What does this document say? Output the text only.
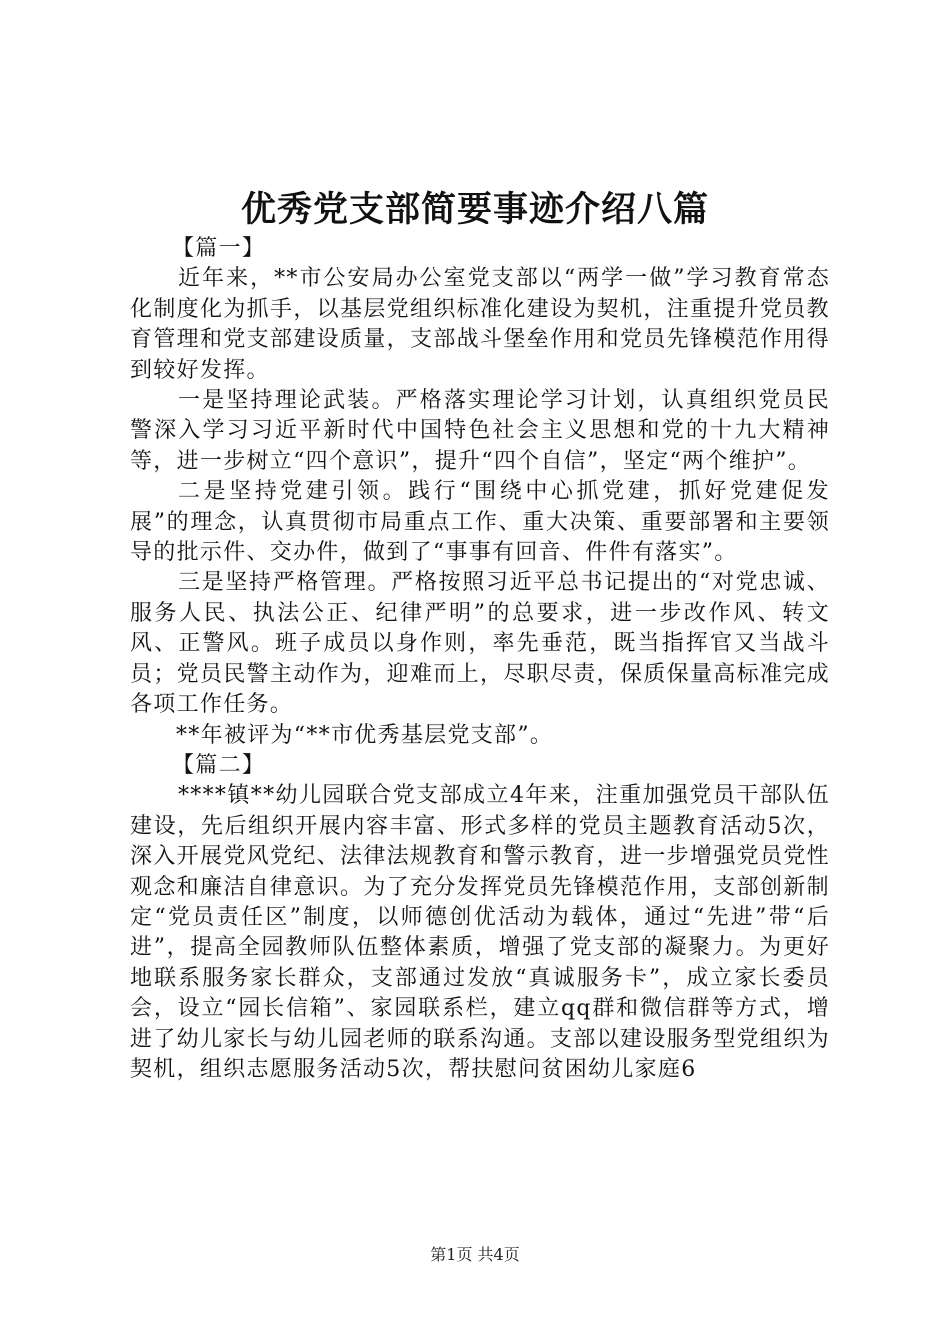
优秀党支部简要事迹介绍八篇

【篇一】

近年来，**市公安局办公室党支部以“两学一做”学习教育常态化制度化为抓手，以基层党组织标准化建设为契机，注重提升党员教育管理和党支部建设质量，支部战斗堡垒作用和党员先锋模范作用得到较好发挥。

一是坚持理论武装。严格落实理论学习计划，认真组织党员民警深入学习习近平新时代中国特色社会主义思想和党的十九大精神等，进一步树立“四个意识”，提升“四个自信”，坚定“两个维护”。

二是坚持党建引领。践行“围绕中心抓党建，抓好党建促发展”的理念，认真贯彻市局重点工作、重大决策、重要部署和主要领导的批示件、交办件，做到了“事事有回音、件件有落实”。

三是坚持严格管理。严格按照习近平总书记提出的“对党忠诚、服务人民、执法公正、纪律严明”的总要求，进一步改作风、转文风、正警风。班子成员以身作则，率先垂范，既当指挥官又当战斗员；党员民警主动作为，迎难而上，尽职尽责，保质保量高标准完成各项工作任务。

**年被评为“**市优秀基层党支部”。

【篇二】

****镇**幼儿园联合党支部成立4年来，注重加强党员干部队伍建设，先后组织开展内容丰富、形式多样的党员主题教育活动5次，深入开展党风党纪、法律法规教育和警示教育，进一步增强党员党性观念和廉洁自律意识。为了充分发挥党员先锋模范作用，支部创新制定“党员责任区”制度，以师德创优活动为载体，通过“先进”带“后进”，提高全园教师队伍整体素质，增强了党支部的凝聚力。为更好地联系服务家长群众，支部通过发放“真诚服务卡”，成立家长委员会，设立“园长信箱”、家园联系栏，建立qq群和微信群等方式，增进了幼儿家长与幼儿园老师的联系沟通。支部以建设服务型党组织为契机，组织志愿服务活动5次，帮扶慰问贫困幼儿家庭6

第1页 共4页
